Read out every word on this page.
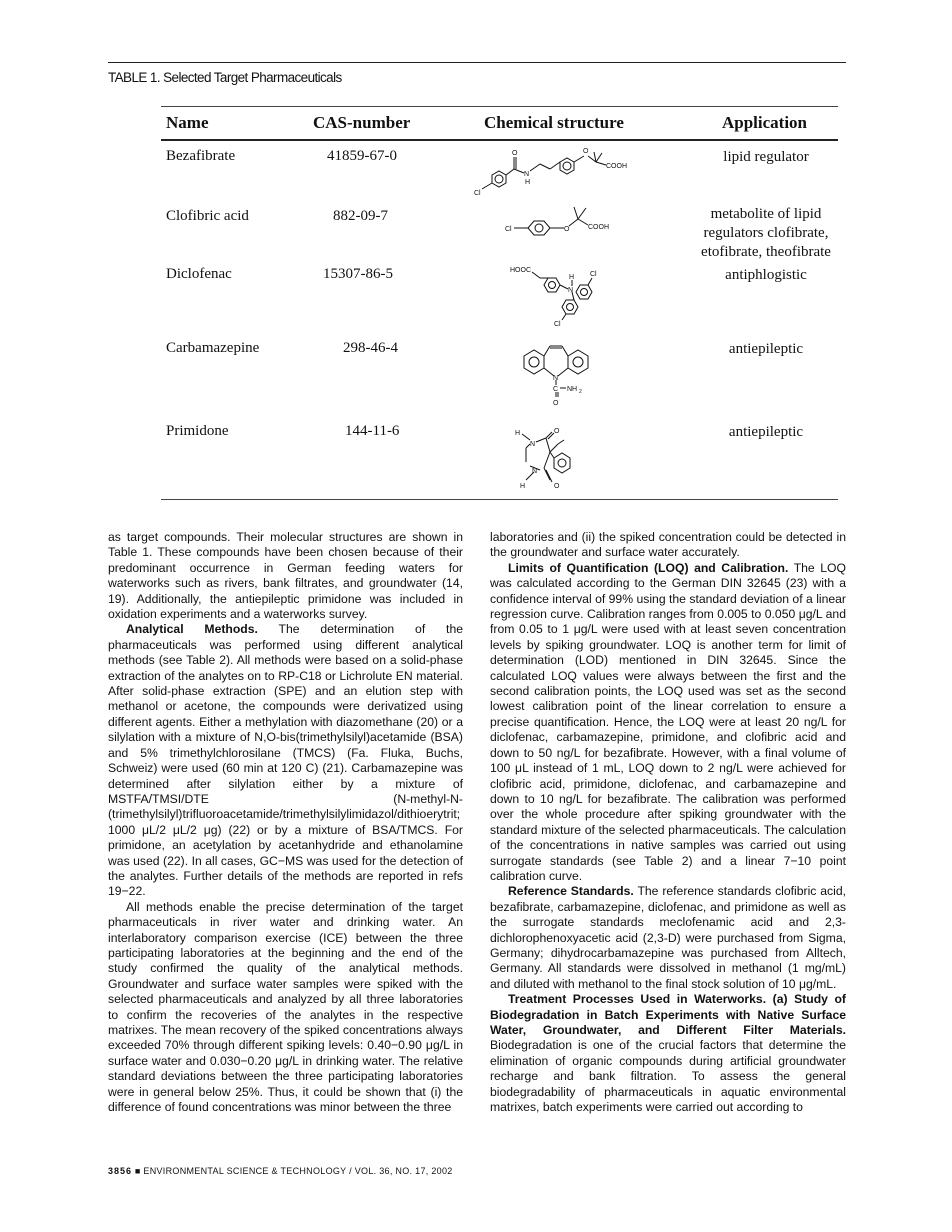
TABLE 1. Selected Target Pharmaceuticals
Name	CAS-number	Chemical structure	Application
Bezafibrate	41859-67-0	lipid regulator
O	O
COOH
N
H
Cl
Clofibric acid	882-09-7	metabolite of lipid
regulators clofibrate,
etofibrate, theofibrate
Cl	O	COOH
Diclofenac	15307-86-5	antiphlogistic
HOOC
H
N
Cl
Cl
Carbamazepine	298-46-4	antiepileptic
N
C NH 2
O
Primidone	144-11-6	antiepileptic
H
N
O
N
H	O

as target compounds. Their molecular structures are shown in Table 1. These compounds have been chosen because of their predominant occurrence in German feeding waters for waterworks such as rivers, bank filtrates, and groundwater (14, 19). Additionally, the antiepileptic primidone was included in oxidation experiments and a waterworks survey.

Analytical Methods. The determination of the pharmaceuticals was performed using different analytical methods (see Table 2). All methods were based on a solid-phase extraction of the analytes on to RP-C18 or Lichrolute EN material. After solid-phase extraction (SPE) and an elution step with methanol or acetone, the compounds were derivatized using different agents. Either a methylation with diazomethane (20) or a silylation with a mixture of N,O-bis(trimethylsilyl)acetamide (BSA) and 5% trimethylchlorosilane (TMCS) (Fa. Fluka, Buchs, Schweiz) were used (60 min at 120 C) (21). Carbamazepine was determined after silylation either by a mixture of MSTFA/TMSI/DTE (N-methyl-N-(trimethylsilyl)trifluoroacetamide/trimethylsilylimidazol/dithioerytrit; 1000 μL/2 μL/2 μg) (22) or by a mixture of BSA/TMCS. For primidone, an acetylation by acetanhydride and ethanolamine was used (22). In all cases, GC−MS was used for the detection of the analytes. Further details of the methods are reported in refs 19−22.

All methods enable the precise determination of the target pharmaceuticals in river water and drinking water. An interlaboratory comparison exercise (ICE) between the three participating laboratories at the beginning and the end of the study confirmed the quality of the analytical methods. Groundwater and surface water samples were spiked with the selected pharmaceuticals and analyzed by all three laboratories to confirm the recoveries of the analytes in the respective matrixes. The mean recovery of the spiked concentrations always exceeded 70% through different spiking levels: 0.40−0.90 μg/L in surface water and 0.030−0.20 μg/L in drinking water. The relative standard deviations between the three participating laboratories were in general below 25%. Thus, it could be shown that (i) the difference of found concentrations was minor between the three

laboratories and (ii) the spiked concentration could be detected in the groundwater and surface water accurately.

Limits of Quantification (LOQ) and Calibration. The LOQ was calculated according to the German DIN 32645 (23) with a confidence interval of 99% using the standard deviation of a linear regression curve. Calibration ranges from 0.005 to 0.050 μg/L and from 0.05 to 1 μg/L were used with at least seven concentration levels by spiking groundwater. LOQ is another term for limit of determination (LOD) mentioned in DIN 32645. Since the calculated LOQ values were always between the first and the second calibration points, the LOQ used was set as the second lowest calibration point of the linear correlation to ensure a precise quantification. Hence, the LOQ were at least 20 ng/L for diclofenac, carbamazepine, primidone, and clofibric acid and down to 50 ng/L for bezafibrate. However, with a final volume of 100 μL instead of 1 mL, LOQ down to 2 ng/L were achieved for clofibric acid, primidone, diclofenac, and carbamazepine and down to 10 ng/L for bezafibrate. The calibration was performed over the whole procedure after spiking groundwater with the standard mixture of the selected pharmaceuticals. The calculation of the concentrations in native samples was carried out using surrogate standards (see Table 2) and a linear 7−10 point calibration curve.

Reference Standards. The reference standards clofibric acid, bezafibrate, carbamazepine, diclofenac, and primidone as well as the surrogate standards meclofenamic acid and 2,3-dichlorophenoxyacetic acid (2,3-D) were purchased from Sigma, Germany; dihydrocarbamazepine was purchased from Alltech, Germany. All standards were dissolved in methanol (1 mg/mL) and diluted with methanol to the final stock solution of 10 μg/mL.

Treatment Processes Used in Waterworks. (a) Study of Biodegradation in Batch Experiments with Native Surface Water, Groundwater, and Different Filter Materials. Biodegradation is one of the crucial factors that determine the elimination of organic compounds during artificial groundwater recharge and bank filtration. To assess the general biodegradability of pharmaceuticals in aquatic environmental matrixes, batch experiments were carried out according to

3856 ■ ENVIRONMENTAL SCIENCE & TECHNOLOGY / VOL. 36, NO. 17, 2002
